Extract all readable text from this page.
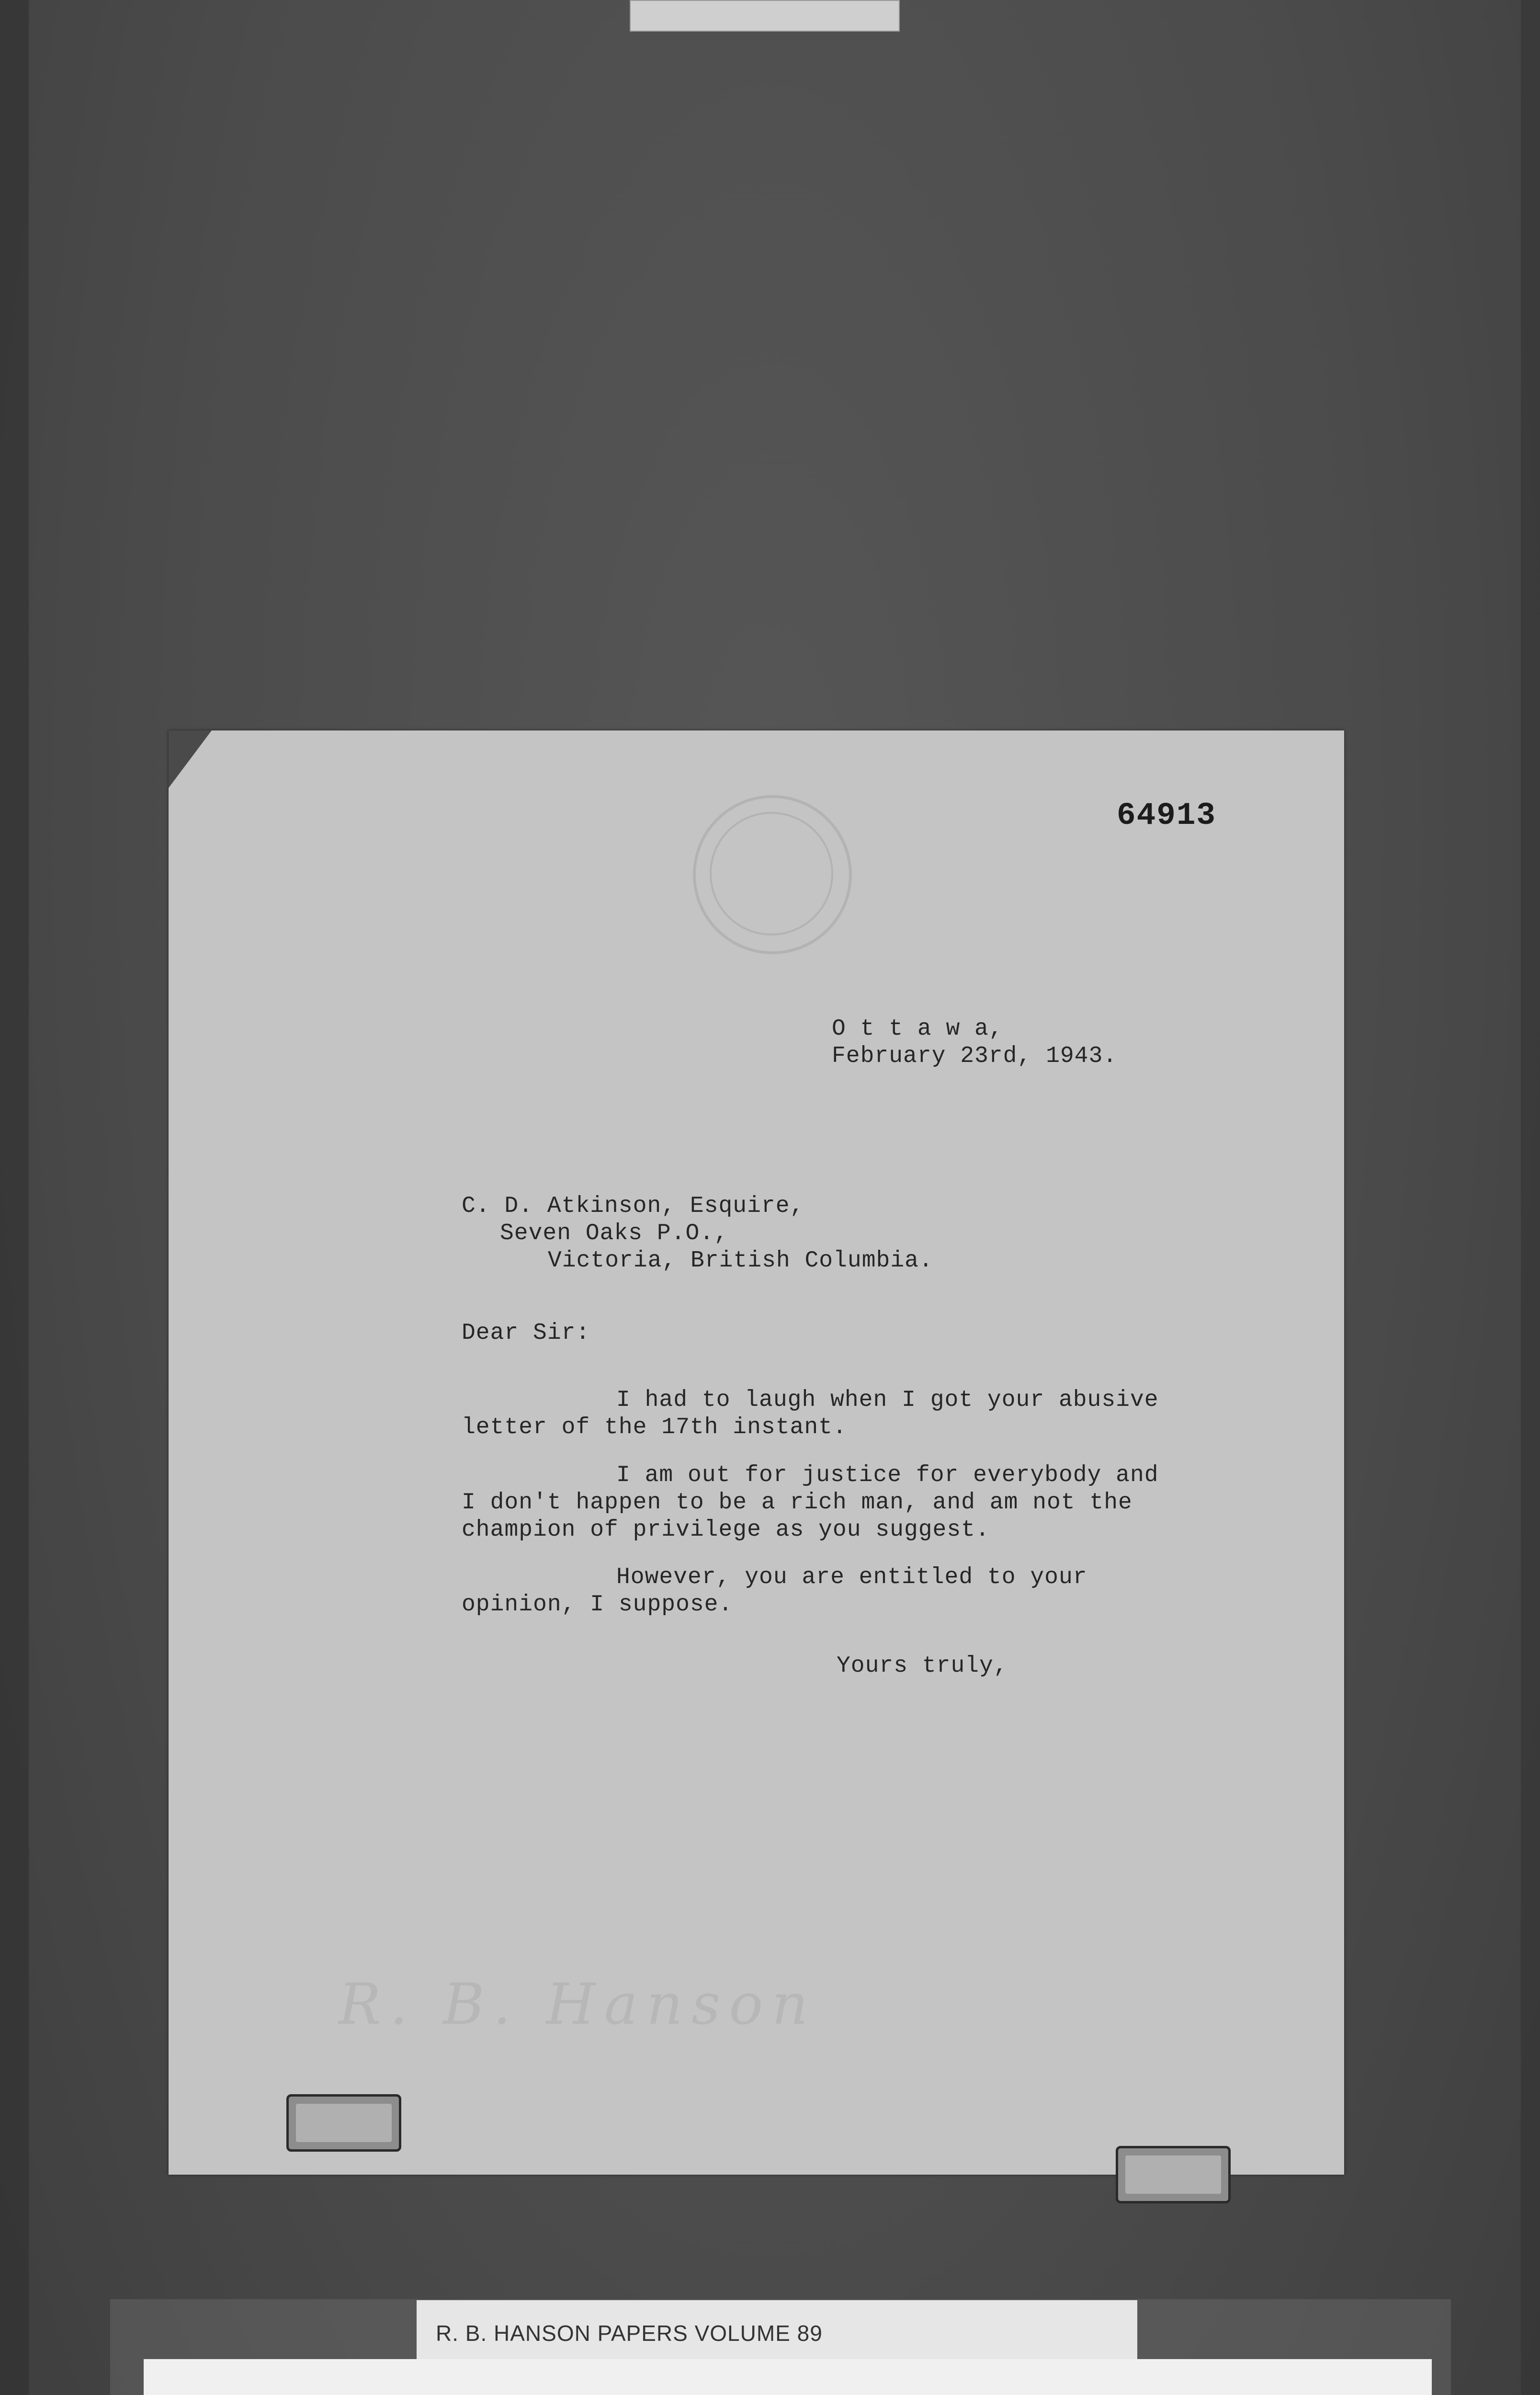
64913
O t t a w a,
February 23rd, 1943.
C. D. Atkinson, Esquire,
Seven Oaks P.O.,
Victoria, British Columbia.
Dear Sir:
I had to laugh when I got your abusive
letter of the 17th instant.
I am out for justice for everybody and
I don't happen to be a rich man, and am not the
champion of privilege as you suggest.
However, you are entitled to your
opinion, I suppose.
Yours truly,
R. B. Hanson
R. B. HANSON PAPERS VOLUME 89
